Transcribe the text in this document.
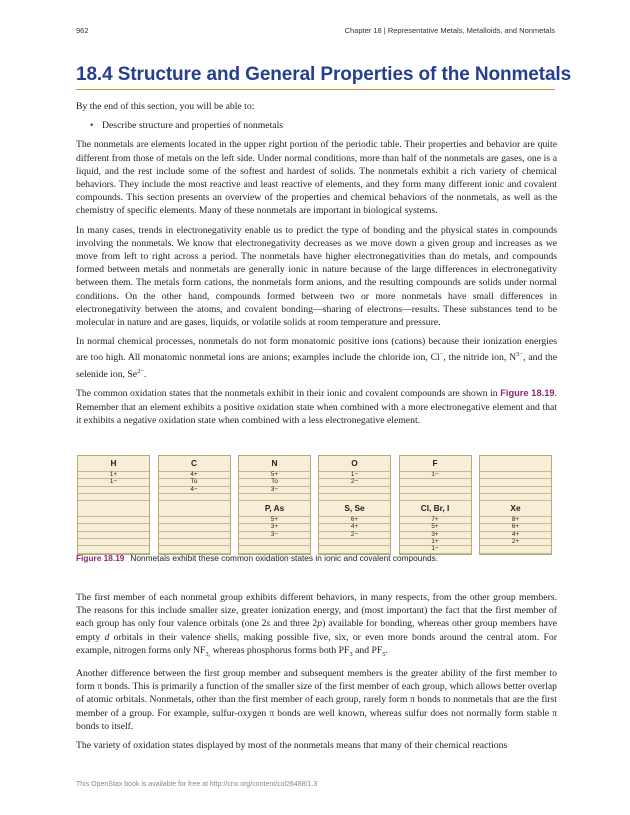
962	Chapter 18 | Representative Metals, Metalloids, and Nonmetals
18.4 Structure and General Properties of the Nonmetals

By the end of this section, you will be able to:

• Describe structure and properties of nonmetals

The nonmetals are elements located in the upper right portion of the periodic table. Their properties and behavior are quite different from those of metals on the left side. Under normal conditions, more than half of the nonmetals are gases, one is a liquid, and the rest include some of the softest and hardest of solids. The nonmetals exhibit a rich variety of chemical behaviors. They include the most reactive and least reactive of elements, and they form many different ionic and covalent compounds. This section presents an overview of the properties and chemical behaviors of the nonmetals, as well as the chemistry of specific elements. Many of these nonmetals are important in biological systems.

In many cases, trends in electronegativity enable us to predict the type of bonding and the physical states in compounds involving the nonmetals. We know that electronegativity decreases as we move down a given group and increases as we move from left to right across a period. The nonmetals have higher electronegativities than do metals, and compounds formed between metals and nonmetals are generally ionic in nature because of the large differences in electronegativity between them. The metals form cations, the nonmetals form anions, and the resulting compounds are solids under normal conditions. On the other hand, compounds formed between two or more nonmetals have small differences in electronegativity between the atoms, and covalent bonding—sharing of electrons—results. These substances tend to be molecular in nature and are gases, liquids, or volatile solids at room temperature and pressure.

In normal chemical processes, nonmetals do not form monatomic positive ions (cations) because their ionization energies are too high. All monatomic nonmetal ions are anions; examples include the chloride ion, Cl−, the nitride ion, $N^{3-}$, and the selenide ion, $Se^{2-}$.

The common oxidation states that the nonmetals exhibit in their ionic and covalent compounds are shown in Figure 18.19. Remember that an element exhibits a positive oxidation state when combined with a more electronegative element and that it exhibits a negative oxidation state when combined with a less electronegative element.

H
1+
1−
C
4+
To
4−
N
5+
To
3−
P, As
5+
3+
3−
O
1−
2−
S, Se
6+
4+
2−
F
1−
Cl, Br, I
7+
5+
3+
1+
1−
Xe
8+
6+
4+
2+
Figure 18.19 Nonmetals exhibit these common oxidation states in ionic and covalent compounds.

The first member of each nonmetal group exhibits different behaviors, in many respects, from the other group members. The reasons for this include smaller size, greater ionization energy, and (most important) the fact that the first member of each group has only four valence orbitals (one 2s and three 2p) available for bonding, whereas other group members have empty d orbitals in their valence shells, making possible five, six, or even more bonds around the central atom. For example, nitrogen forms only $NF_{3,}$ whereas phosphorus forms both $PF_3$ and $PF_5$.

Another difference between the first group member and subsequent members is the greater ability of the first member to form π bonds. This is primarily a function of the smaller size of the first member of each group, which allows better overlap of atomic orbitals. Nonmetals, other than the first member of each group, rarely form π bonds to nonmetals that are the first member of a group. For example, sulfur-oxygen π bonds are well known, whereas sulfur does not normally form stable π bonds to itself.

The variety of oxidation states displayed by most of the nonmetals means that many of their chemical reactions

This OpenStax book is available for free at http://cnx.org/content/col26488/1.3
